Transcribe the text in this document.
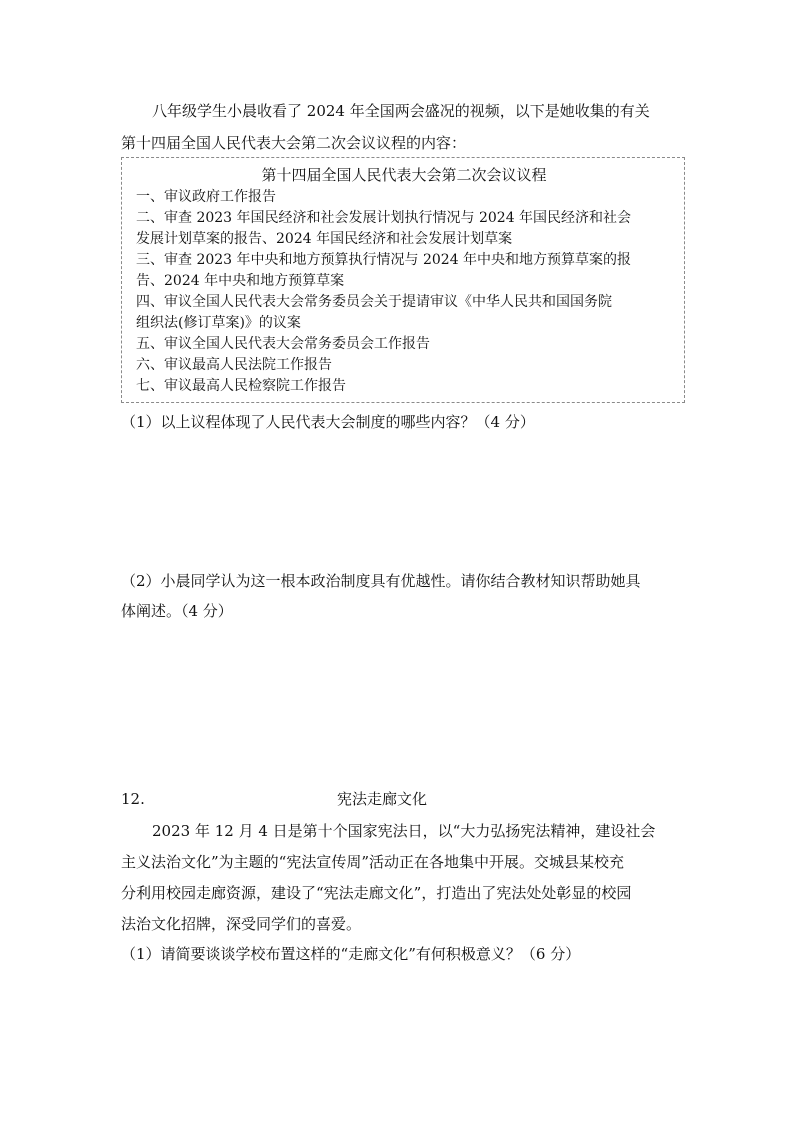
八年级学生小晨收看了 2024 年全国两会盛况的视频，以下是她收集的有关
第十四届全国人民代表大会第二次会议议程的内容：
第十四届全国人民代表大会第二次会议议程
一、审议政府工作报告
二、审查 2023 年国民经济和社会发展计划执行情况与 2024 年国民经济和社会
发展计划草案的报告、2024 年国民经济和社会发展计划草案
三、审查 2023 年中央和地方预算执行情况与 2024 年中央和地方预算草案的报
告、2024 年中央和地方预算草案
四、审议全国人民代表大会常务委员会关于提请审议《中华人民共和国国务院
组织法(修订草案)》的议案
五、审议全国人民代表大会常务委员会工作报告
六、审议最高人民法院工作报告
七、审议最高人民检察院工作报告
（1）以上议程体现了人民代表大会制度的哪些内容？（4 分）
（2）小晨同学认为这一根本政治制度具有优越性。请你结合教材知识帮助她具
体阐述。（4 分）
12.	宪法走廊文化
2023 年 12 月 4 日是第十个国家宪法日，以“大力弘扬宪法精神，建设社会
主义法治文化”为主题的“宪法宣传周”活动正在各地集中开展。交城县某校充
分利用校园走廊资源，建设了“宪法走廊文化”，打造出了宪法处处彰显的校园
法治文化招牌，深受同学们的喜爱。
（1）请简要谈谈学校布置这样的“走廊文化”有何积极意义？（6 分）
